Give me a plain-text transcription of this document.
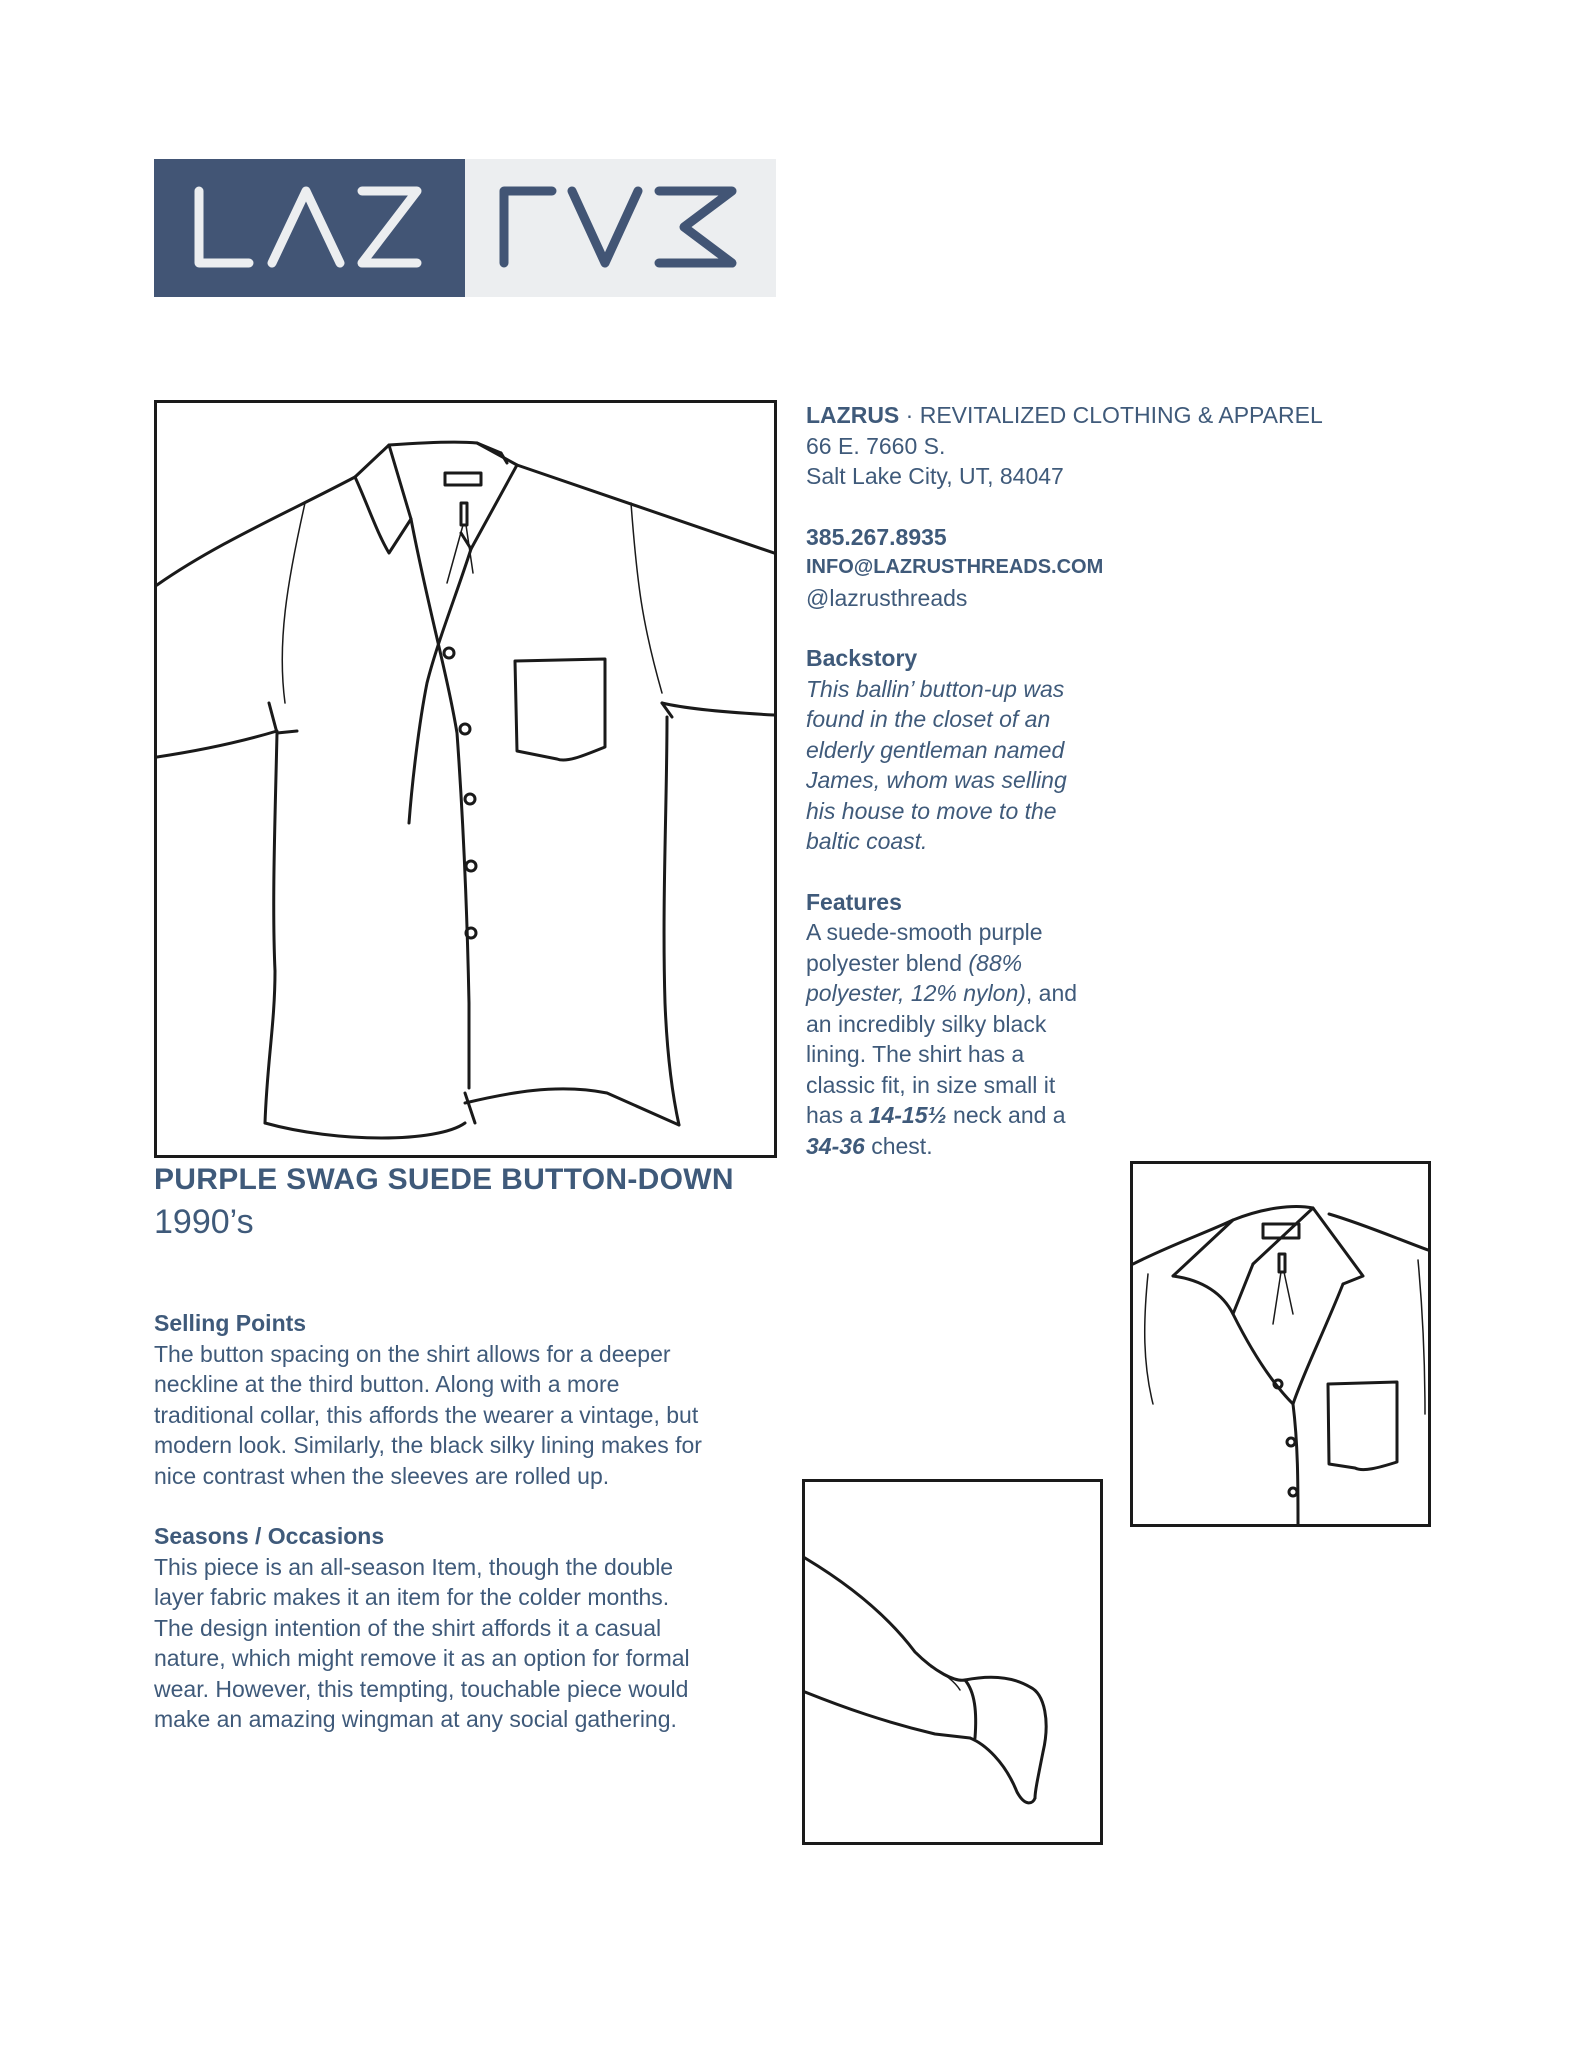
LAZRUS · REVITALIZED CLOTHING & APPAREL
66 E. 7660 S.
Salt Lake City, UT, 84047
385.267.8935
INFO@LAZRUSTHREADS.COM
@lazrusthreads
Backstory
This ballin’ button-up was
found in the closet of an
elderly gentleman named
James, whom was selling
his house to move to the
baltic coast.
Features
A suede-smooth purple
polyester blend (88%
polyester, 12% nylon), and
an incredibly silky black
lining. The shirt has a
classic fit, in size small it
has a 14-15½ neck and a
34-36 chest.
PURPLE SWAG SUEDE BUTTON-DOWN
1990’s
Selling Points
The button spacing on the shirt allows for a deeper
neckline at the third button. Along with a more
traditional collar, this affords the wearer a vintage, but
modern look. Similarly, the black silky lining makes for
nice contrast when the sleeves are rolled up.
Seasons / Occasions
This piece is an all-season Item, though the double
layer fabric makes it an item for the colder months.
The design intention of the shirt affords it a casual
nature, which might remove it as an option for formal
wear. However, this tempting, touchable piece would
make an amazing wingman at any social gathering.
